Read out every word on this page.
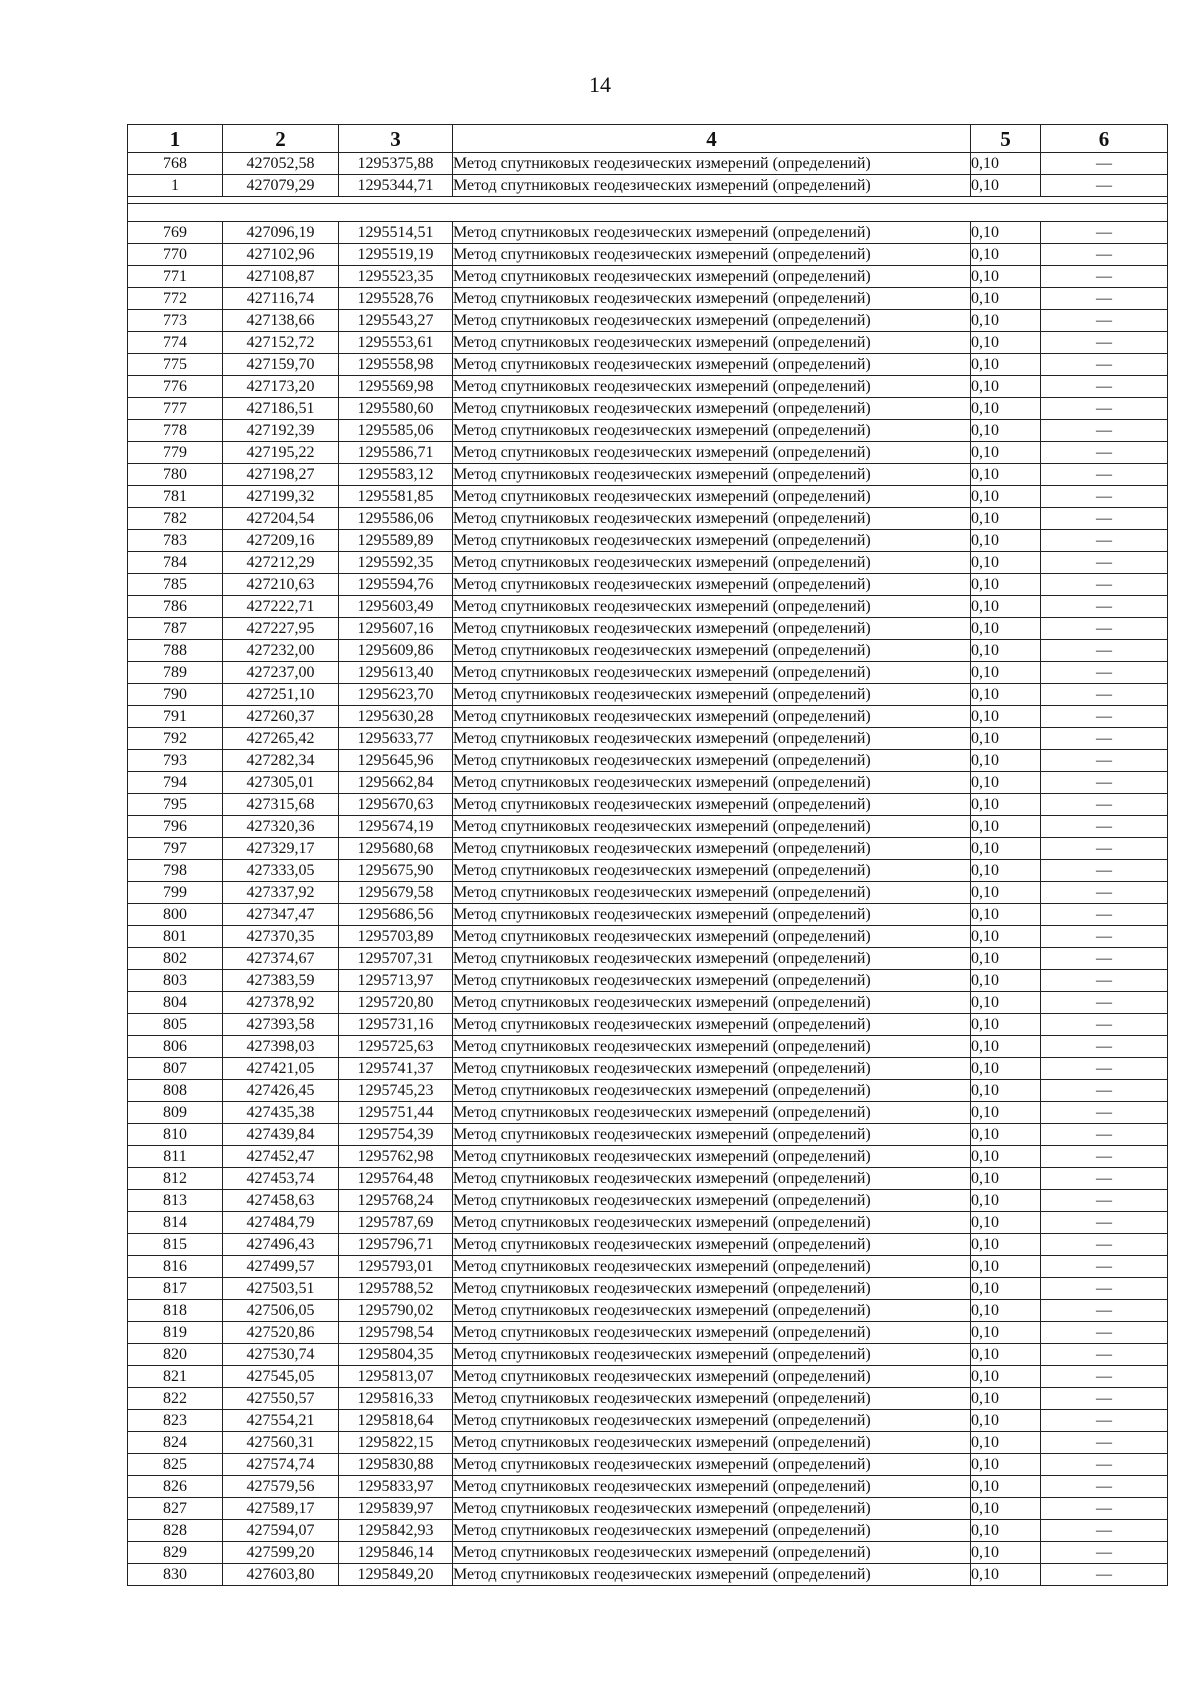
14
1	2	3	4	5	6
768	427052,58	1295375,88	Метод спутниковых геодезических измерений (определений)	0,10	—
1	427079,29	1295344,71	Метод спутниковых геодезических измерений (определений)	0,10	—

769	427096,19	1295514,51	Метод спутниковых геодезических измерений (определений)	0,10	—
770	427102,96	1295519,19	Метод спутниковых геодезических измерений (определений)	0,10	—
771	427108,87	1295523,35	Метод спутниковых геодезических измерений (определений)	0,10	—
772	427116,74	1295528,76	Метод спутниковых геодезических измерений (определений)	0,10	—
773	427138,66	1295543,27	Метод спутниковых геодезических измерений (определений)	0,10	—
774	427152,72	1295553,61	Метод спутниковых геодезических измерений (определений)	0,10	—
775	427159,70	1295558,98	Метод спутниковых геодезических измерений (определений)	0,10	—
776	427173,20	1295569,98	Метод спутниковых геодезических измерений (определений)	0,10	—
777	427186,51	1295580,60	Метод спутниковых геодезических измерений (определений)	0,10	—
778	427192,39	1295585,06	Метод спутниковых геодезических измерений (определений)	0,10	—
779	427195,22	1295586,71	Метод спутниковых геодезических измерений (определений)	0,10	—
780	427198,27	1295583,12	Метод спутниковых геодезических измерений (определений)	0,10	—
781	427199,32	1295581,85	Метод спутниковых геодезических измерений (определений)	0,10	—
782	427204,54	1295586,06	Метод спутниковых геодезических измерений (определений)	0,10	—
783	427209,16	1295589,89	Метод спутниковых геодезических измерений (определений)	0,10	—
784	427212,29	1295592,35	Метод спутниковых геодезических измерений (определений)	0,10	—
785	427210,63	1295594,76	Метод спутниковых геодезических измерений (определений)	0,10	—
786	427222,71	1295603,49	Метод спутниковых геодезических измерений (определений)	0,10	—
787	427227,95	1295607,16	Метод спутниковых геодезических измерений (определений)	0,10	—
788	427232,00	1295609,86	Метод спутниковых геодезических измерений (определений)	0,10	—
789	427237,00	1295613,40	Метод спутниковых геодезических измерений (определений)	0,10	—
790	427251,10	1295623,70	Метод спутниковых геодезических измерений (определений)	0,10	—
791	427260,37	1295630,28	Метод спутниковых геодезических измерений (определений)	0,10	—
792	427265,42	1295633,77	Метод спутниковых геодезических измерений (определений)	0,10	—
793	427282,34	1295645,96	Метод спутниковых геодезических измерений (определений)	0,10	—
794	427305,01	1295662,84	Метод спутниковых геодезических измерений (определений)	0,10	—
795	427315,68	1295670,63	Метод спутниковых геодезических измерений (определений)	0,10	—
796	427320,36	1295674,19	Метод спутниковых геодезических измерений (определений)	0,10	—
797	427329,17	1295680,68	Метод спутниковых геодезических измерений (определений)	0,10	—
798	427333,05	1295675,90	Метод спутниковых геодезических измерений (определений)	0,10	—
799	427337,92	1295679,58	Метод спутниковых геодезических измерений (определений)	0,10	—
800	427347,47	1295686,56	Метод спутниковых геодезических измерений (определений)	0,10	—
801	427370,35	1295703,89	Метод спутниковых геодезических измерений (определений)	0,10	—
802	427374,67	1295707,31	Метод спутниковых геодезических измерений (определений)	0,10	—
803	427383,59	1295713,97	Метод спутниковых геодезических измерений (определений)	0,10	—
804	427378,92	1295720,80	Метод спутниковых геодезических измерений (определений)	0,10	—
805	427393,58	1295731,16	Метод спутниковых геодезических измерений (определений)	0,10	—
806	427398,03	1295725,63	Метод спутниковых геодезических измерений (определений)	0,10	—
807	427421,05	1295741,37	Метод спутниковых геодезических измерений (определений)	0,10	—
808	427426,45	1295745,23	Метод спутниковых геодезических измерений (определений)	0,10	—
809	427435,38	1295751,44	Метод спутниковых геодезических измерений (определений)	0,10	—
810	427439,84	1295754,39	Метод спутниковых геодезических измерений (определений)	0,10	—
811	427452,47	1295762,98	Метод спутниковых геодезических измерений (определений)	0,10	—
812	427453,74	1295764,48	Метод спутниковых геодезических измерений (определений)	0,10	—
813	427458,63	1295768,24	Метод спутниковых геодезических измерений (определений)	0,10	—
814	427484,79	1295787,69	Метод спутниковых геодезических измерений (определений)	0,10	—
815	427496,43	1295796,71	Метод спутниковых геодезических измерений (определений)	0,10	—
816	427499,57	1295793,01	Метод спутниковых геодезических измерений (определений)	0,10	—
817	427503,51	1295788,52	Метод спутниковых геодезических измерений (определений)	0,10	—
818	427506,05	1295790,02	Метод спутниковых геодезических измерений (определений)	0,10	—
819	427520,86	1295798,54	Метод спутниковых геодезических измерений (определений)	0,10	—
820	427530,74	1295804,35	Метод спутниковых геодезических измерений (определений)	0,10	—
821	427545,05	1295813,07	Метод спутниковых геодезических измерений (определений)	0,10	—
822	427550,57	1295816,33	Метод спутниковых геодезических измерений (определений)	0,10	—
823	427554,21	1295818,64	Метод спутниковых геодезических измерений (определений)	0,10	—
824	427560,31	1295822,15	Метод спутниковых геодезических измерений (определений)	0,10	—
825	427574,74	1295830,88	Метод спутниковых геодезических измерений (определений)	0,10	—
826	427579,56	1295833,97	Метод спутниковых геодезических измерений (определений)	0,10	—
827	427589,17	1295839,97	Метод спутниковых геодезических измерений (определений)	0,10	—
828	427594,07	1295842,93	Метод спутниковых геодезических измерений (определений)	0,10	—
829	427599,20	1295846,14	Метод спутниковых геодезических измерений (определений)	0,10	—
830	427603,80	1295849,20	Метод спутниковых геодезических измерений (определений)	0,10	—
